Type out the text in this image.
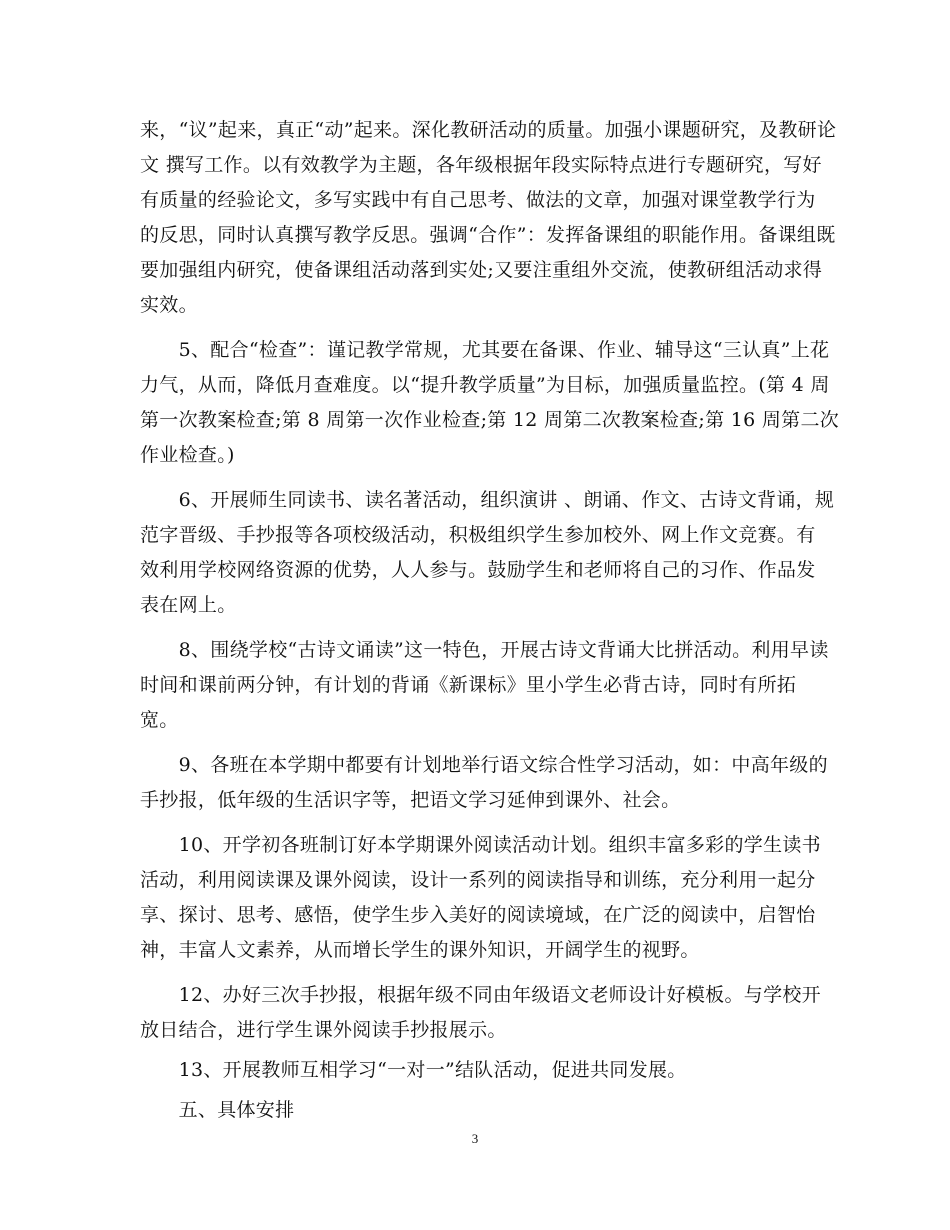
来，“议”起来，真正“动”起来。深化教研活动的质量。加强小课题研究，及教研论
文 撰写工作。以有效教学为主题，各年级根据年段实际特点进行专题研究，写好
有质量的经验论文，多写实践中有自己思考、做法的文章，加强对课堂教学行为
的反思，同时认真撰写教学反思。强调“合作”：发挥备课组的职能作用。备课组既
要加强组内研究，使备课组活动落到实处;又要注重组外交流，使教研组活动求得
实效。
　　5、配合“检查”：谨记教学常规，尤其要在备课、作业、辅导这“三认真”上花
力气，从而，降低月查难度。以“提升教学质量”为目标，加强质量监控。(第 4 周
第一次教案检查;第 8 周第一次作业检查;第 12 周第二次教案检查;第 16 周第二次
作业检查。)
　　6、开展师生同读书、读名著活动，组织演讲 、朗诵、作文、古诗文背诵，规
范字晋级、手抄报等各项校级活动，积极组织学生参加校外、网上作文竞赛。有
效利用学校网络资源的优势，人人参与。鼓励学生和老师将自己的习作、作品发
表在网上。
　　8、围绕学校“古诗文诵读”这一特色，开展古诗文背诵大比拼活动。利用早读
时间和课前两分钟，有计划的背诵《新课标》里小学生必背古诗，同时有所拓
宽。
　　9、各班在本学期中都要有计划地举行语文综合性学习活动，如：中高年级的
手抄报，低年级的生活识字等，把语文学习延伸到课外、社会。
　　10、开学初各班制订好本学期课外阅读活动计划。组织丰富多彩的学生读书
活动，利用阅读课及课外阅读，设计一系列的阅读指导和训练，充分利用一起分
享、探讨、思考、感悟，使学生步入美好的阅读境域，在广泛的阅读中，启智怡
神，丰富人文素养，从而增长学生的课外知识，开阔学生的视野。
　　12、办好三次手抄报，根据年级不同由年级语文老师设计好模板。与学校开
放日结合，进行学生课外阅读手抄报展示。
　　13、开展教师互相学习“一对一”结队活动，促进共同发展。
　　五、具体安排
3
